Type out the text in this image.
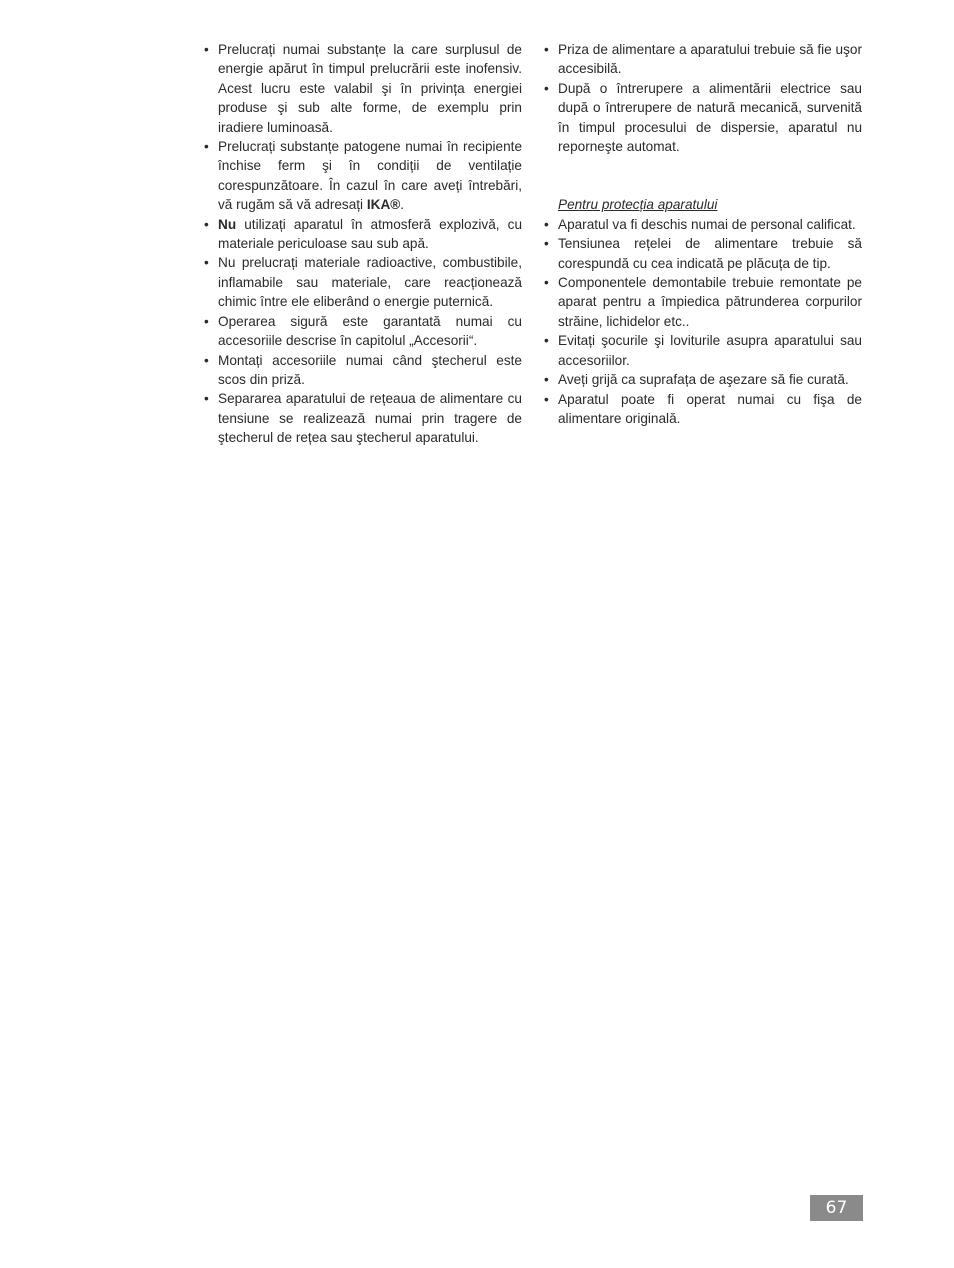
• Prelucrați numai substanțe la care surplusul de energie apărut în timpul prelucrării este inofensiv. Acest lucru este valabil şi în privința energiei produse şi sub alte forme, de exemplu prin iradiere luminoasă.
• Prelucrați substanțe patogene numai în recipiente închise ferm şi în condiții de ventilație corespunzătoare. În cazul în care aveți întrebări, vă rugăm să vă adresați IKA®.
• Nu utilizați aparatul în atmosferă explozivă, cu materiale periculoase sau sub apă.
• Nu prelucrați materiale radioactive, combustibile, inflamabile sau materiale, care reacționează chimic între ele eliberând o energie puternică.
• Operarea sigură este garantată numai cu accesoriile descrise în capitolul „Accesorii“.
• Montați accesoriile numai când ştecherul este scos din priză.
• Separarea aparatului de rețeaua de alimentare cu tensiune se realizează numai prin tragere de ştecherul de rețea sau ştecherul aparatului.
• Priza de alimentare a aparatului trebuie să fie uşor accesibilă.
• După o întrerupere a alimentării electrice sau după o întrerupere de natură mecanică, survenită în timpul procesului de dispersie, aparatul nu reporneşte automat.
Pentru protecția aparatului
• Aparatul va fi deschis numai de personal calificat.
• Tensiunea rețelei de alimentare trebuie să corespundă cu cea indicată pe plăcuța de tip.
• Componentele demontabile trebuie remontate pe aparat pentru a împiedica pătrunderea corpurilor străine, lichidelor etc..
• Evitați şocurile şi loviturile asupra aparatului sau accesoriilor.
• Aveți grijă ca suprafața de aşezare să fie curată.
• Aparatul poate fi operat numai cu fişa de alimentare originală.
67
